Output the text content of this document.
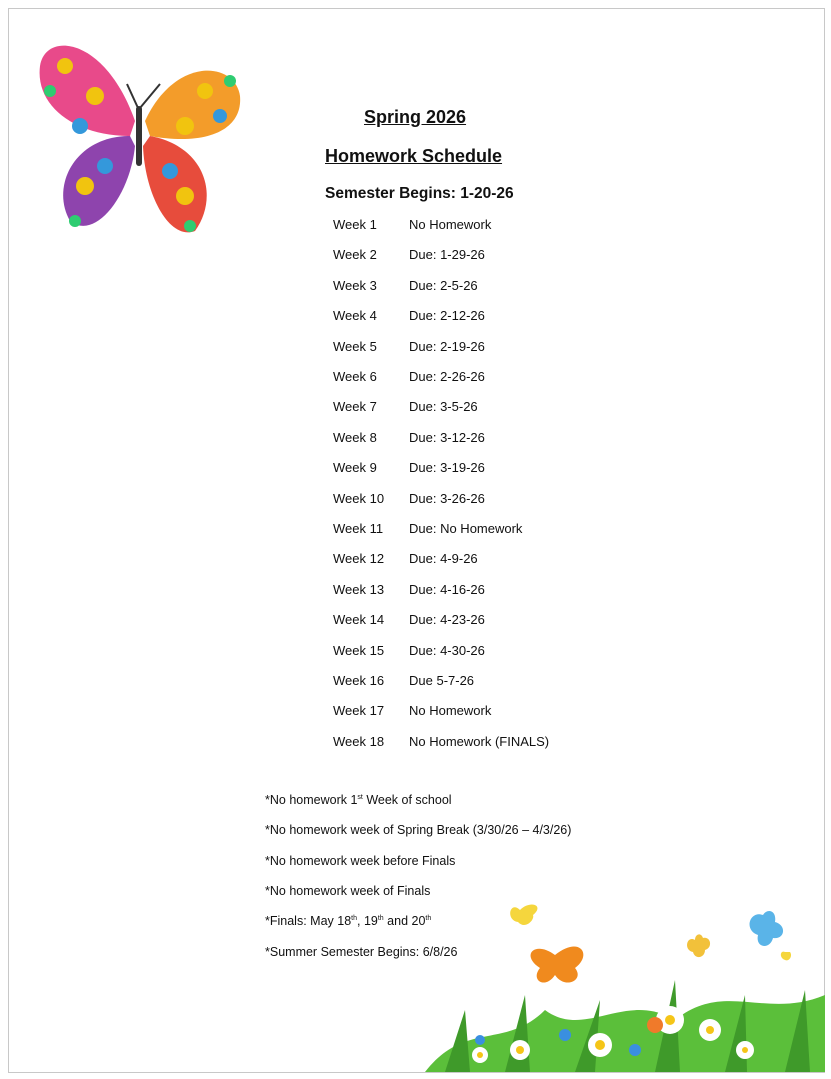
Spring 2026
Homework Schedule
Semester Begins: 1-20-26
Week 1 No Homework
Week 2 Due: 1-29-26
Week 3 Due: 2-5-26
Week 4 Due: 2-12-26
Week 5 Due: 2-19-26
Week 6 Due: 2-26-26
Week 7 Due: 3-5-26
Week 8 Due: 3-12-26
Week 9 Due: 3-19-26
Week 10 Due: 3-26-26
Week 11 Due: No Homework
Week 12 Due: 4-9-26
Week 13 Due: 4-16-26
Week 14 Due: 4-23-26
Week 15 Due: 4-30-26
Week 16 Due 5-7-26
Week 17 No Homework
Week 18 No Homework (FINALS)
*No homework 1st Week of school
*No homework week of Spring Break (3/30/26 – 4/3/26)
*No homework week before Finals
*No homework week of Finals
*Finals: May 18th, 19th and 20th
*Summer Semester Begins: 6/8/26
